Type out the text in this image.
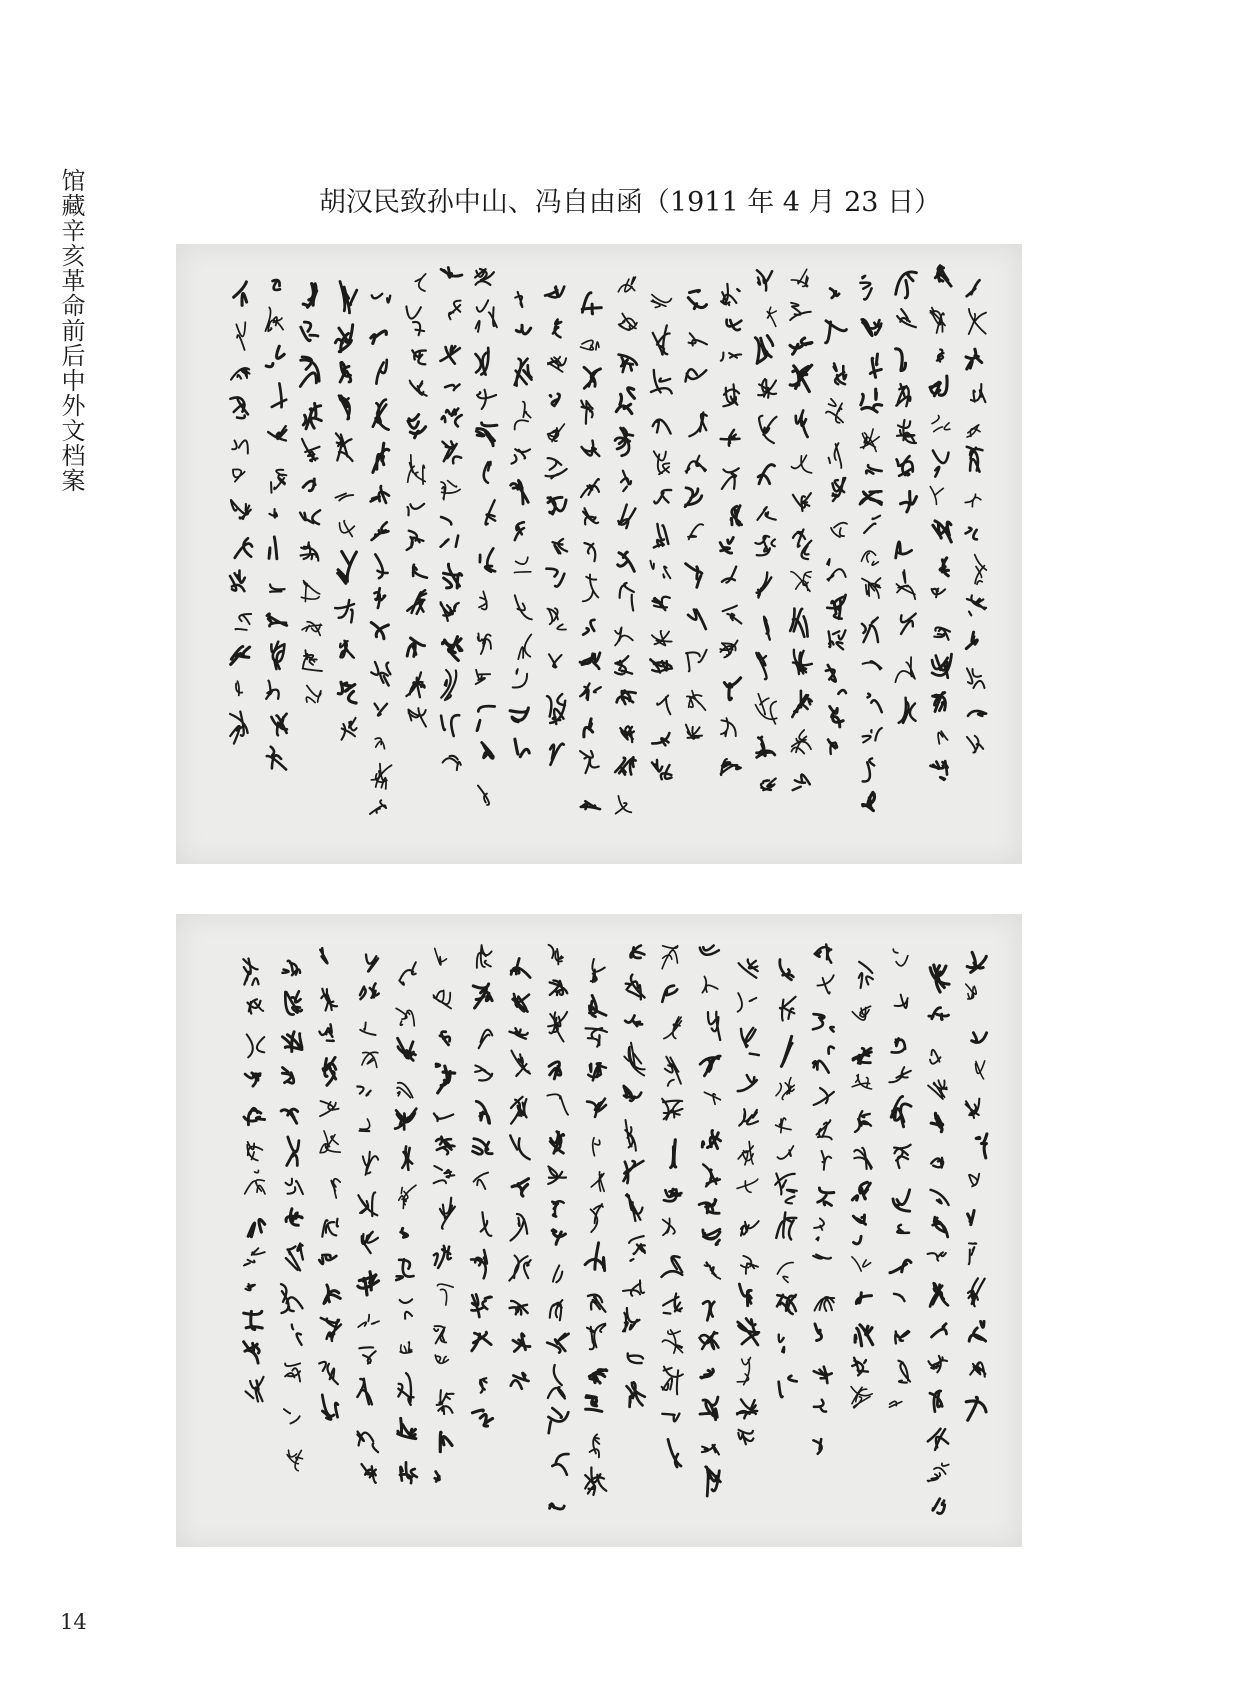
馆藏辛亥革命前后中外文档案	胡汉民致孙中山、冯自由函（1911 年 4 月 23 日）
14
